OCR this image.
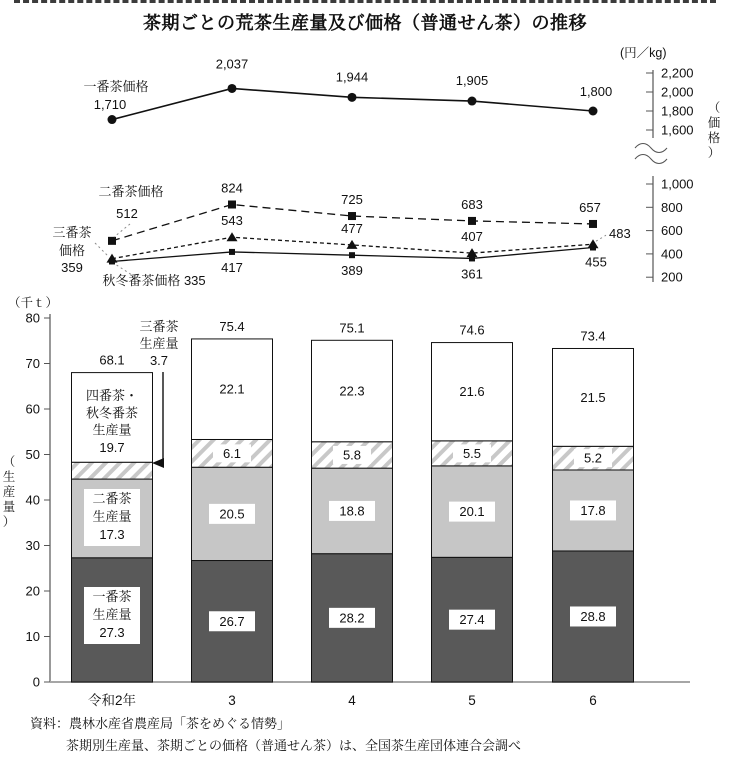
(円／kg)
（
価
格
）
2,200
2,000
1,800
1,600
1,000
800
600
400
200
2,037
1,944	1,905
1,800
824
725	683	657
543
477
407	483
417	389	361
455
一番茶価格
1,710
二番茶価格
512
三番茶
価格
359
秋冬番茶価格 335
（千ｔ）
（
生
産
量
）
0
10
20
30
40
50
60
70
80
68.1
令和2年
75.4
3
75.1
4
74.6
5
73.4
6
26.7
20.5
6.1
22.1
28.2
18.8
5.8
22.3
27.4
20.1
5.5
21.6
28.8
17.8
5.2
21.5
一番茶
生産量
27.3
二番茶
生産量
17.3
四番茶・
秋冬番茶
生産量
19.7
三番茶
生産量
3.7
茶期ごとの荒茶生産量及び価格（普通せん茶）の推移
資料：農林水産省農産局「茶をめぐる情勢」
茶期別生産量、茶期ごとの価格（普通せん茶）は、全国茶生産団体連合会調べ
